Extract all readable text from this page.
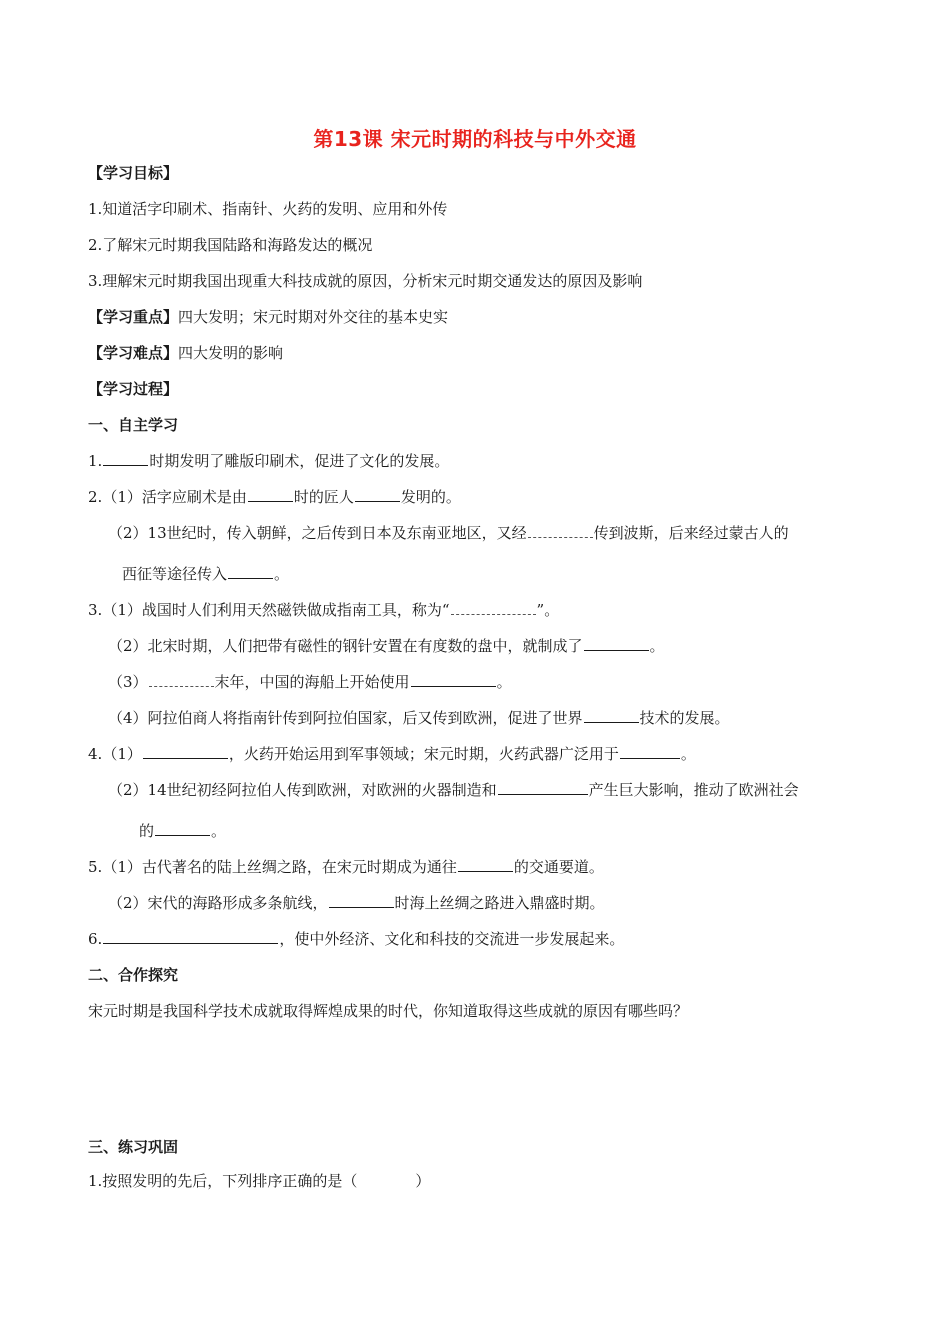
第13课 宋元时期的科技与中外交通
【学习目标】
1.知道活字印刷术、指南针、火药的发明、应用和外传
2.了解宋元时期我国陆路和海路发达的概况
3.理解宋元时期我国出现重大科技成就的原因，分析宋元时期交通发达的原因及影响
【学习重点】四大发明；宋元时期对外交往的基本史实
【学习难点】四大发明的影响
【学习过程】
一、自主学习
1.	时期发明了雕版印刷术，促进了文化的发展。
2.（1）活字应刷术是由	时的匠人	发明的。
（2）13世纪时，传入朝鲜，之后传到日本及东南亚地区，又经	传到波斯，后来经过蒙古人的
西征等途径传入	。
3.（1）战国时人们利用天然磁铁做成指南工具，称为“	”。
（2）北宋时期，人们把带有磁性的钢针安置在有度数的盘中，就制成了	。
（3）	末年，中国的海船上开始使用	。
（4）阿拉伯商人将指南针传到阿拉伯国家，后又传到欧洲，促进了世界	技术的发展。
4.（1）	，火药开始运用到军事领域；宋元时期，火药武器广泛用于	。
（2）14世纪初经阿拉伯人传到欧洲，对欧洲的火器制造和	产生巨大影响，推动了欧洲社会
的	。
5.（1）古代著名的陆上丝绸之路，在宋元时期成为通往	的交通要道。
（2）宋代的海路形成多条航线，	时海上丝绸之路进入鼎盛时期。
6.	，使中外经济、文化和科技的交流进一步发展起来。
二、合作探究
宋元时期是我国科学技术成就取得辉煌成果的时代，你知道取得这些成就的原因有哪些吗？
三、练习巩固
1.按照发明的先后，下列排序正确的是（	）
